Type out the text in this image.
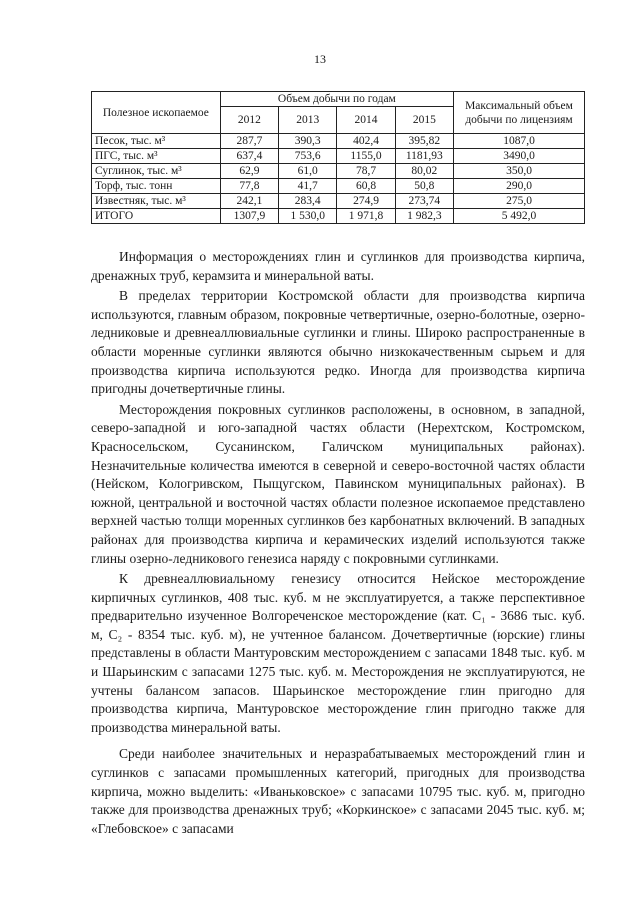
13
Полезное ископаемое	Объем добычи по годам				Максимальный объем добычи по лицензиям
	2012	2013	2014	2015	
Песок, тыс. м³	287,7	390,3	402,4	395,82	1087,0
ПГС, тыс. м³	637,4	753,6	1155,0	1181,93	3490,0
Суглинок, тыс. м³	62,9	61,0	78,7	80,02	350,0
Торф, тыс. тонн	77,8	41,7	60,8	50,8	290,0
Известняк, тыс. м³	242,1	283,4	274,9	273,74	275,0
ИТОГО	1307,9	1 530,0	1 971,8	1 982,3	5 492,0

Информация о месторождениях глин и суглинков для производства кирпича, дренажных труб, керамзита и минеральной ваты.

В пределах территории Костромской области для производства кирпича используются, главным образом, покровные четвертичные, озерно-болотные, озерно-ледниковые и древнеаллювиальные суглинки и глины. Широко распространенные в области моренные суглинки являются обычно низкокачественным сырьем и для производства кирпича используются редко. Иногда для производства кирпича пригодны дочетвертичные глины.

Месторождения покровных суглинков расположены, в основном, в западной, северо-западной и юго-западной частях области (Нерехтском, Костромском, Красносельском, Сусанинском, Галичском муниципальных районах). Незначительные количества имеются в северной и северо-восточной частях области (Нейском, Кологривском, Пыщугском, Павинском муниципальных районах). В южной, центральной и восточной частях области полезное ископаемое представлено верхней частью толщи моренных суглинков без карбонатных включений. В западных районах для производства кирпича и керамических изделий используются также глины озерно-ледникового генезиса наряду с покровными суглинками.

К древнеаллювиальному генезису относится Нейское месторождение кирпичных суглинков, 408 тыс. куб. м не эксплуатируется, а также перспективное предварительно изученное Волгореченское месторождение (кат. C₁ - 3686 тыс. куб. м, C₂ - 8354 тыс. куб. м), не учтенное балансом. Дочетвертичные (юрские) глины представлены в области Мантуровским месторождением с запасами 1848 тыс. куб. м и Шарьинским с запасами 1275 тыс. куб. м. Месторождения не эксплуатируются, не учтены балансом запасов. Шарьинское месторождение глин пригодно для производства кирпича, Мантуровское месторождение глин пригодно также для производства минеральной ваты.

Среди наиболее значительных и неразрабатываемых месторождений глин и суглинков с запасами промышленных категорий, пригодных для производства кирпича, можно выделить: «Иваньковское» с запасами 10795 тыс. куб. м, пригодно также для производства дренажных труб; «Коркинское» с запасами 2045 тыс. куб. м; «Глебовское» с запасами
